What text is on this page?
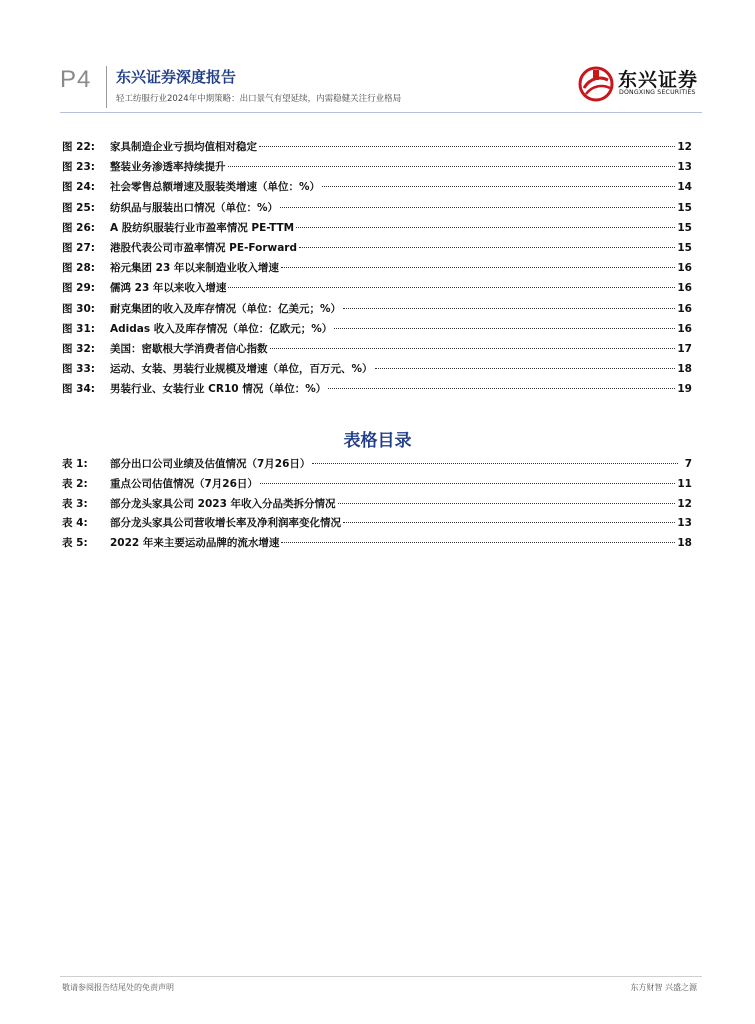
P4 东兴证券深度报告
轻工纺服行业2024年中期策略：出口景气有望延续，内需稳健关注行业格局
东兴证券
DONGXING SECURITIES
图 22:	家具制造企业亏损均值相对稳定	12
图 23:	整装业务渗透率持续提升	13
图 24:	社会零售总额增速及服装类增速（单位：%）	14
图 25:	纺织品与服装出口情况（单位：%）	15
图 26:	A 股纺织服装行业市盈率情况 PE-TTM	15
图 27:	港股代表公司市盈率情况 PE-Forward	15
图 28:	裕元集团 23 年以来制造业收入增速	16
图 29:	儒鸿 23 年以来收入增速	16
图 30:	耐克集团的收入及库存情况（单位：亿美元；%）	16
图 31:	Adidas 收入及库存情况（单位：亿欧元；%）	16
图 32:	美国：密歇根大学消费者信心指数	17
图 33:	运动、女装、男装行业规模及增速（单位，百万元、%）	18
图 34:	男装行业、女装行业 CR10 情况（单位：%）	19
表格目录
表 1:	部分出口公司业绩及估值情况（7月26日）	7
表 2:	重点公司估值情况（7月26日）	11
表 3:	部分龙头家具公司 2023 年收入分品类拆分情况	12
表 4:	部分龙头家具公司营收增长率及净利润率变化情况	13
表 5:	2022 年来主要运动品牌的流水增速	18
敬请参阅报告结尾处的免责声明	东方财智 兴盛之源
